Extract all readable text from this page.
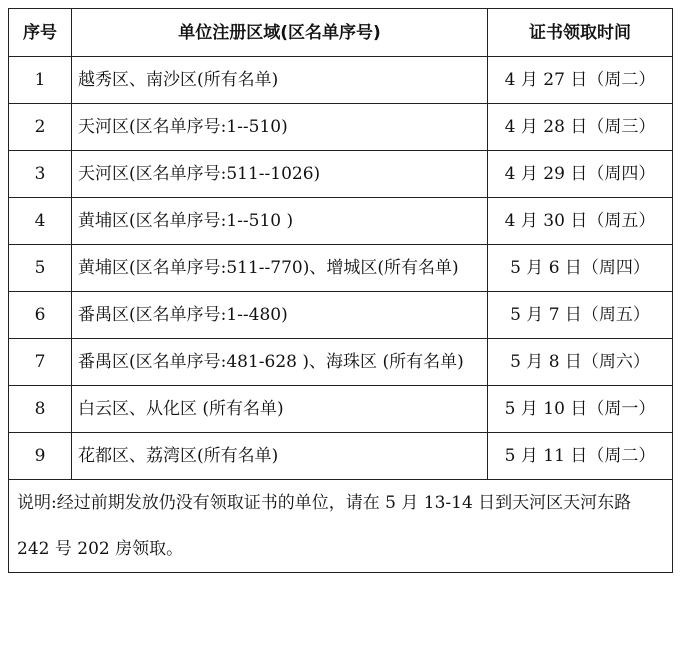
序号	单位注册区域(区名单序号)	证书领取时间
1	越秀区、南沙区(所有名单)	4 月 27 日（周二）
2	天河区(区名单序号:1--510)	4 月 28 日（周三）
3	天河区(区名单序号:511--1026)	4 月 29 日（周四）
4	黄埔区(区名单序号:1--510 )	4 月 30 日（周五）
5	黄埔区(区名单序号:511--770)、增城区(所有名单)	5 月 6 日（周四）
6	番禺区(区名单序号:1--480)	5 月 7 日（周五）
7	番禺区(区名单序号:481-628 )、海珠区 (所有名单)	5 月 8 日（周六）
8	白云区、从化区 (所有名单)	5 月 10 日（周一）
9	花都区、荔湾区(所有名单)	5 月 11 日（周二）
说明:经过前期发放仍没有领取证书的单位，请在 5 月 13-14 日到天河区天河东路 242 号 202 房领取。		
